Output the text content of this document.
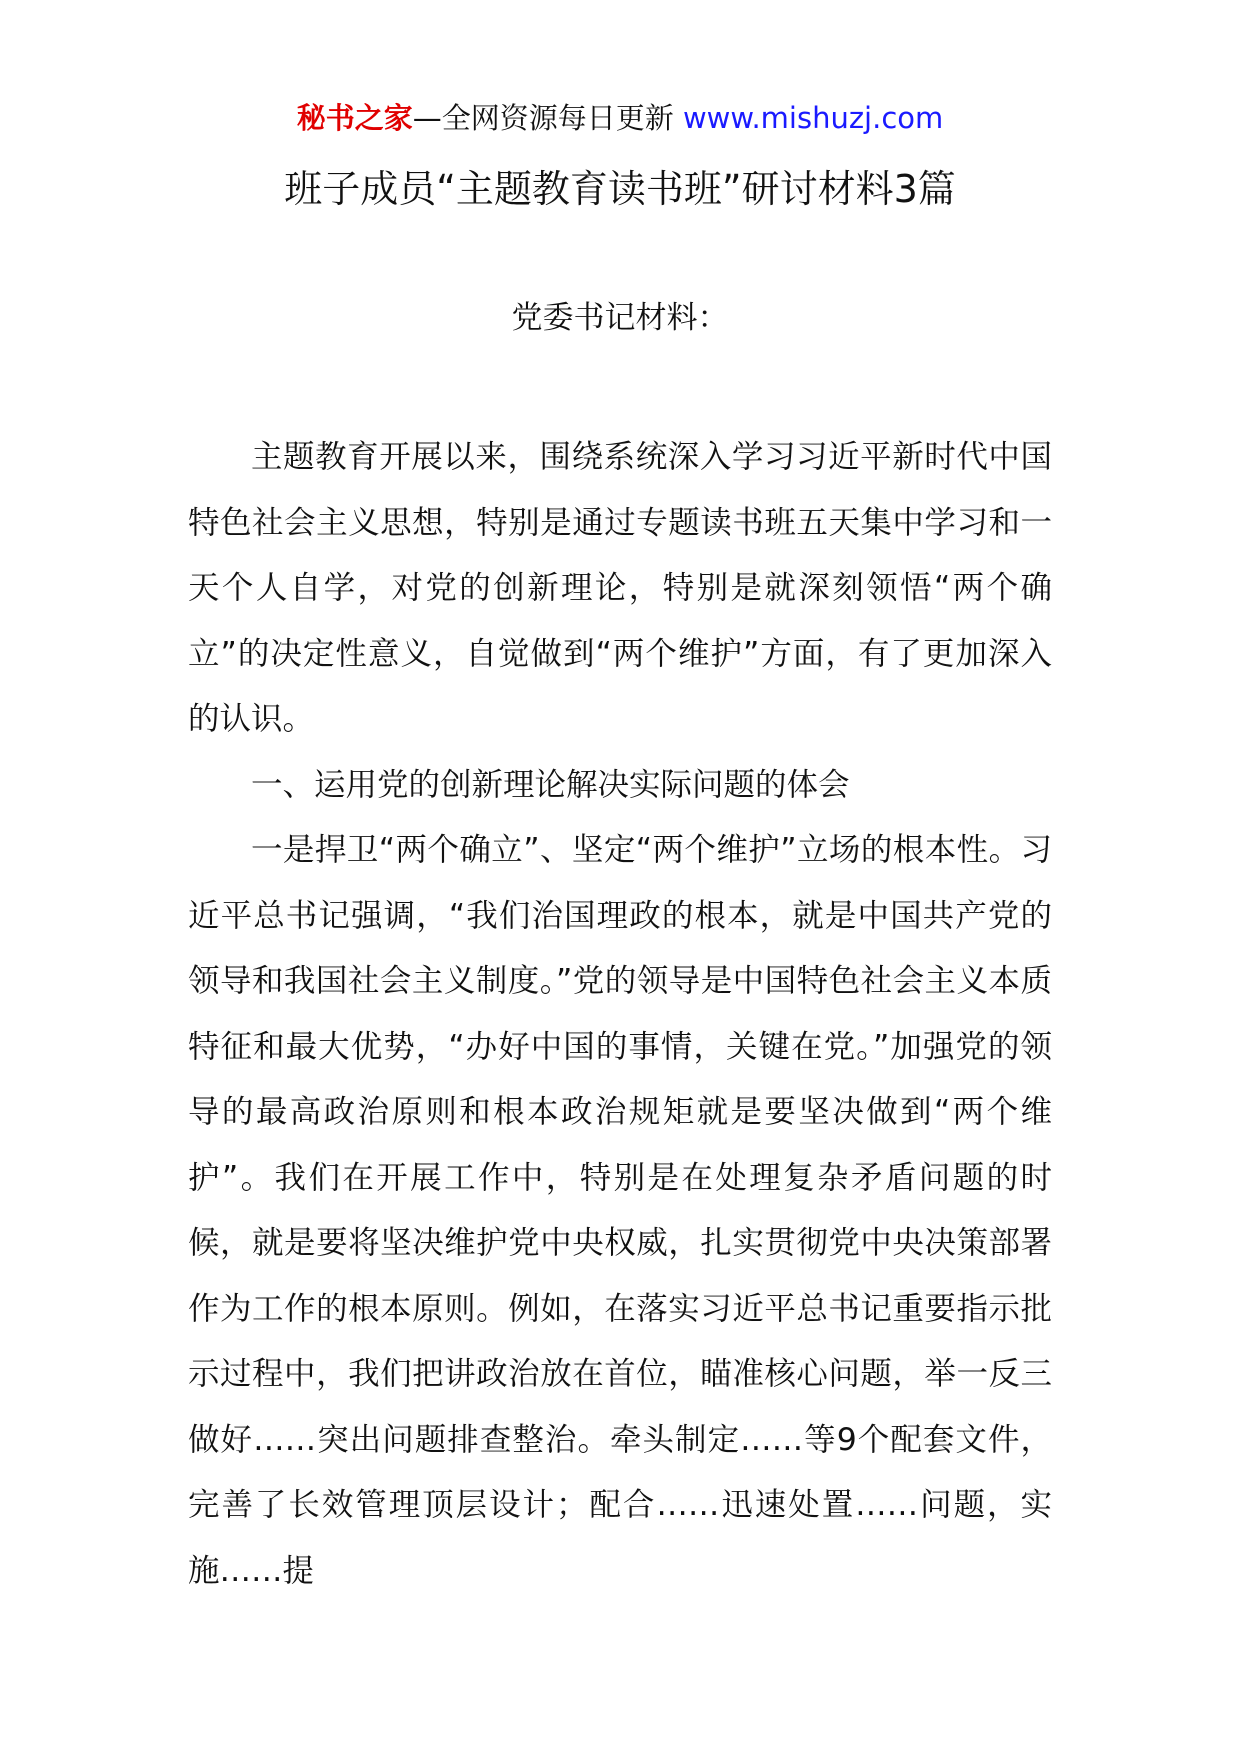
秘书之家—全网资源每日更新 www.mishuzj.com
班子成员“主题教育读书班”研讨材料3篇
党委书记材料：

主题教育开展以来，围绕系统深入学习习近平新时代中国特色社会主义思想，特别是通过专题读书班五天集中学习和一天个人自学，对党的创新理论，特别是就深刻领悟“两个确立”的决定性意义，自觉做到“两个维护”方面，有了更加深入的认识。

一、运用党的创新理论解决实际问题的体会

一是捍卫“两个确立”、坚定“两个维护”立场的根本性。习近平总书记强调，“我们治国理政的根本，就是中国共产党的领导和我国社会主义制度。”党的领导是中国特色社会主义本质特征和最大优势，“办好中国的事情，关键在党。”加强党的领导的最高政治原则和根本政治规矩就是要坚决做到“两个维护”。我们在开展工作中，特别是在处理复杂矛盾问题的时候，就是要将坚决维护党中央权威，扎实贯彻党中央决策部署作为工作的根本原则。例如，在落实习近平总书记重要指示批示过程中，我们把讲政治放在首位，瞄准核心问题，举一反三做好……突出问题排查整治。牵头制定……等9个配套文件，完善了长效管理顶层设计；配合……迅速处置……问题，实施……提
